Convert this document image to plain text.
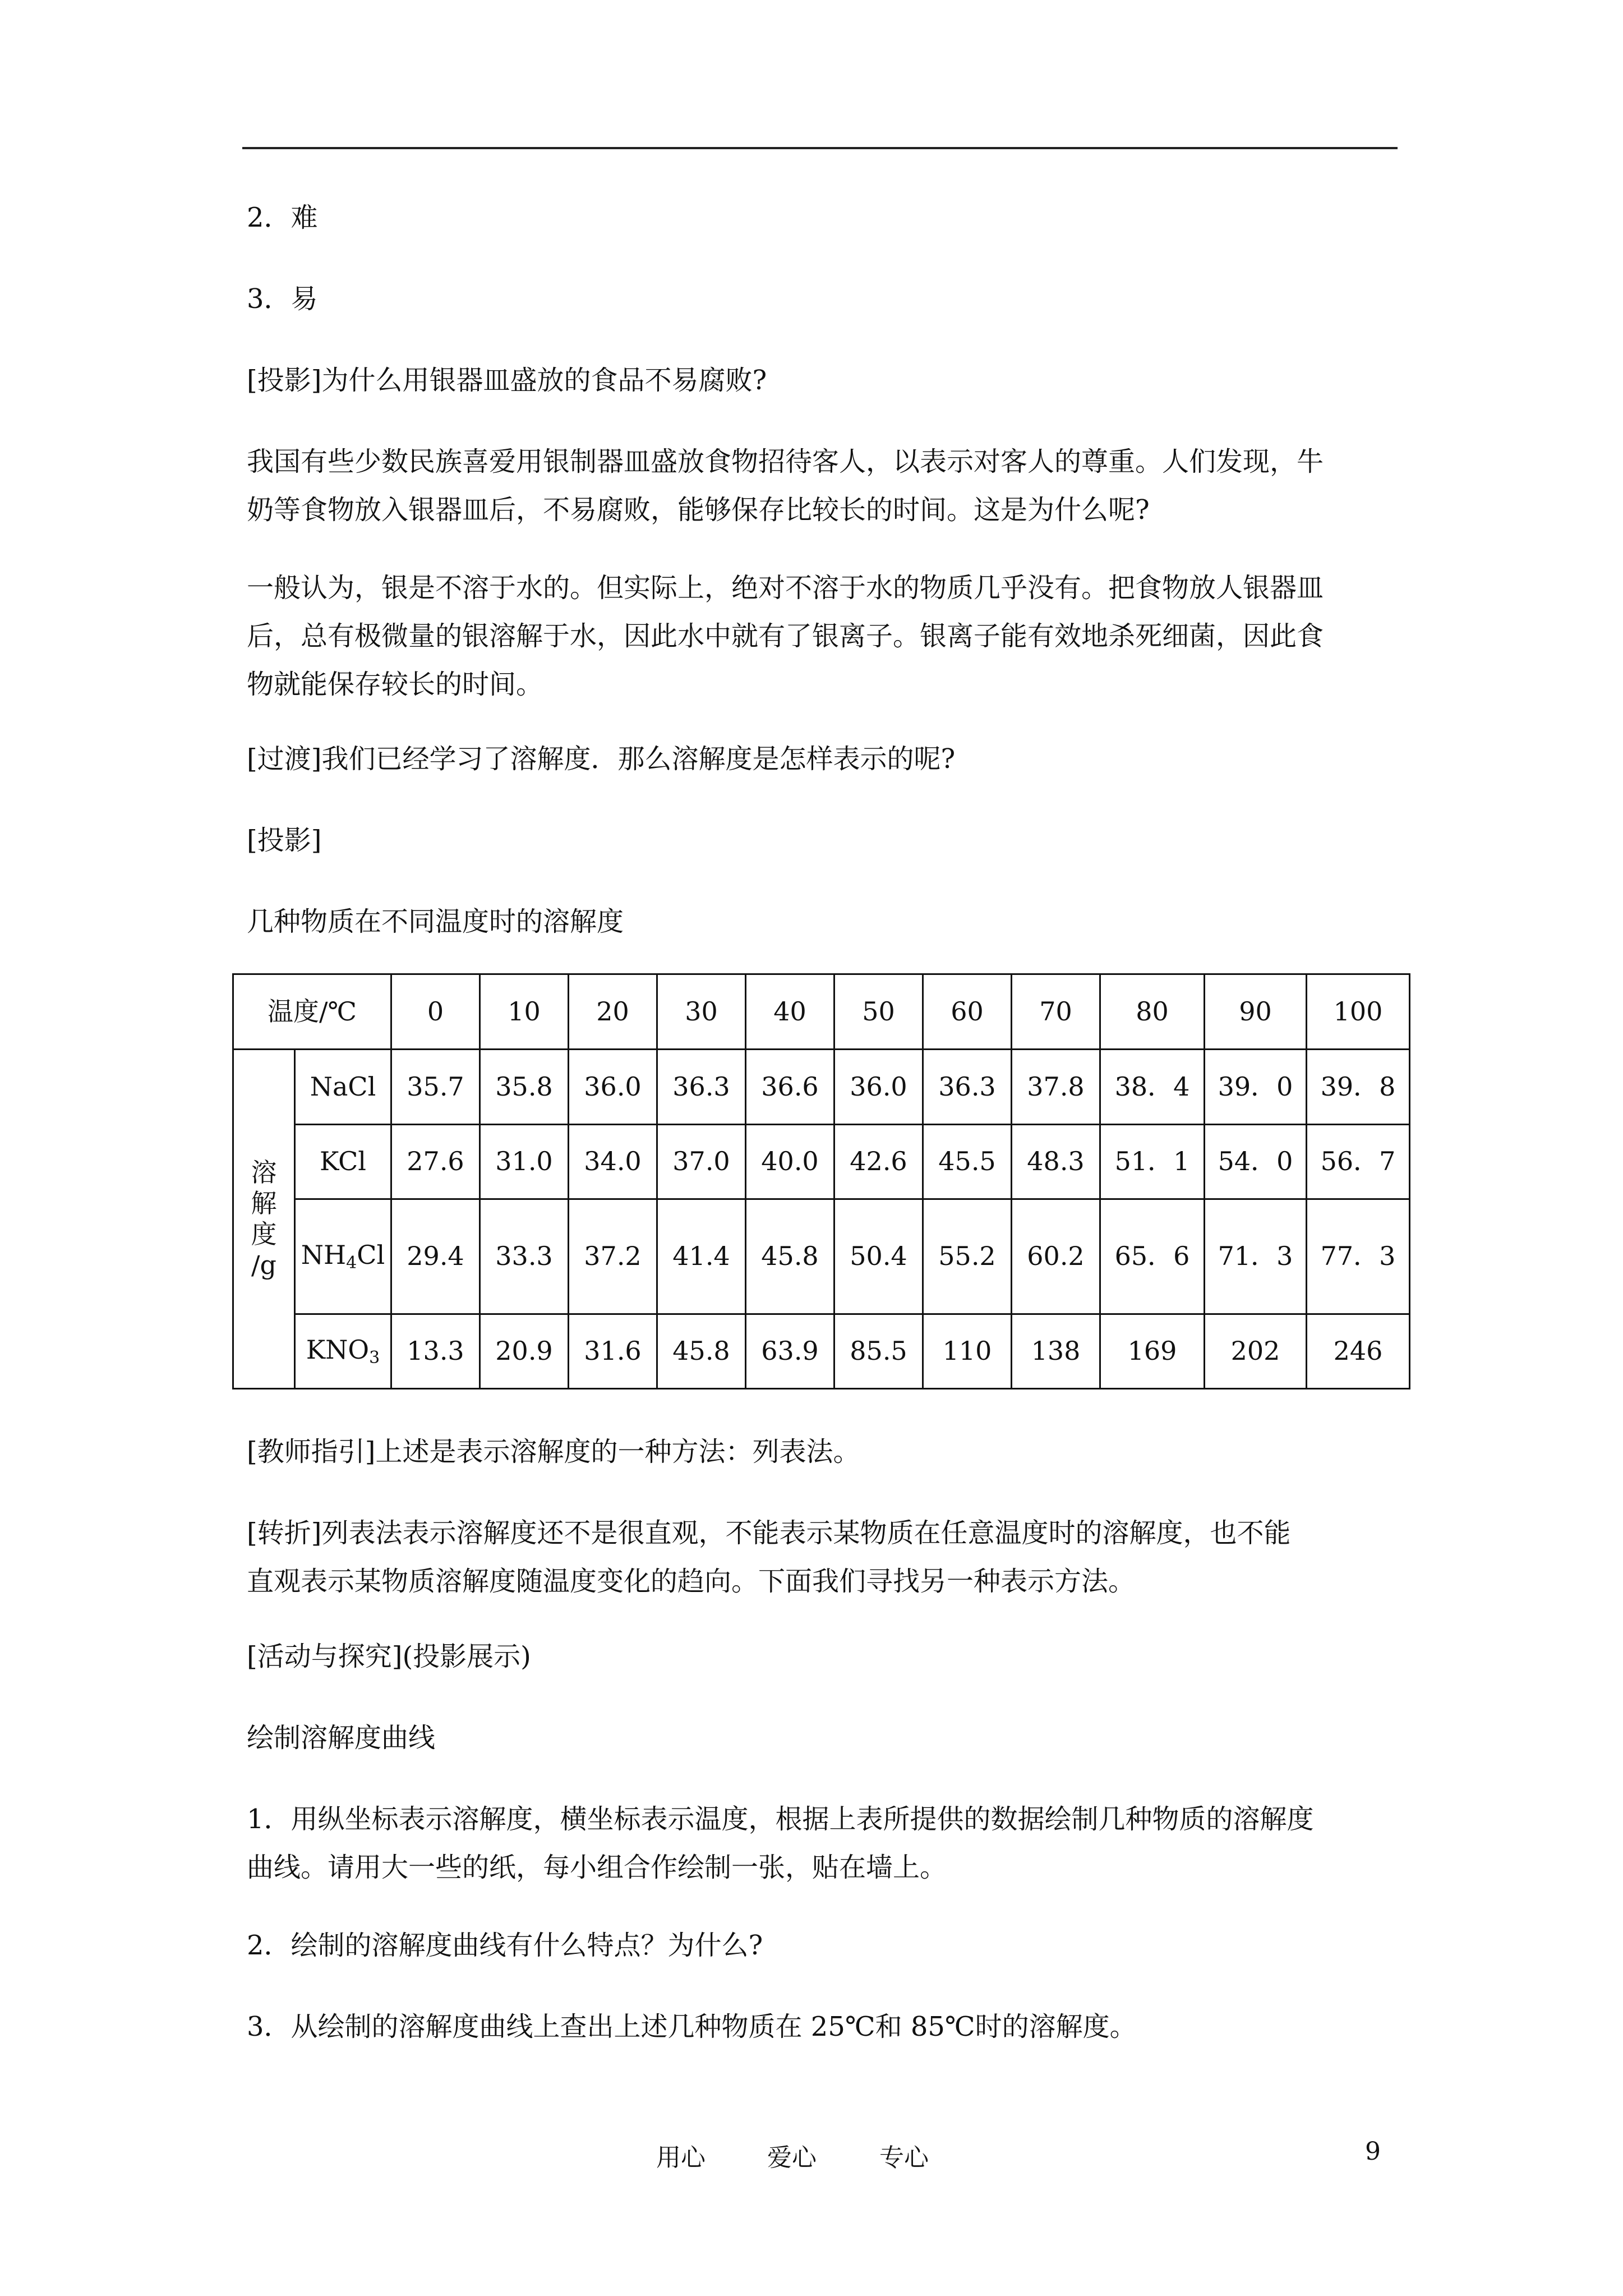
2．难

3．易

[投影]为什么用银器皿盛放的食品不易腐败?

我国有些少数民族喜爱用银制器皿盛放食物招待客人，以表示对客人的尊重。人们发现，牛
奶等食物放入银器皿后，不易腐败，能够保存比较长的时间。这是为什么呢?

一般认为，银是不溶于水的。但实际上，绝对不溶于水的物质几乎没有。把食物放人银器皿
后，总有极微量的银溶解于水，因此水中就有了银离子。银离子能有效地杀死细菌，因此食
物就能保存较长的时间。

[过渡]我们已经学习了溶解度．那么溶解度是怎样表示的呢?

[投影]

几种物质在不同温度时的溶解度

温度/℃		0	10	20	30	40	50	60	70	80	90	100
溶
解
度
/g	NaCl	35.7	35.8	36.0	36.3	36.6	36.0	36.3	37.8	38．4	39．0	39．8
	KCl	27.6	31.0	34.0	37.0	40.0	42.6	45.5	48.3	51．1	54．0	56．7
	$NH_4Cl$	29.4	33.3	37.2	41.4	45.8	50.4	55.2	60.2	65．6	71．3	77．3
	$KNO_3$	13.3	20.9	31.6	45.8	63.9	85.5	110	138	169	202	246

[教师指引]上述是表示溶解度的一种方法：列表法。

[转折]列表法表示溶解度还不是很直观，不能表示某物质在任意温度时的溶解度，也不能
直观表示某物质溶解度随温度变化的趋向。下面我们寻找另一种表示方法。

[活动与探究](投影展示)

绘制溶解度曲线

1．用纵坐标表示溶解度，横坐标表示温度，根据上表所提供的数据绘制几种物质的溶解度
曲线。请用大一些的纸，每小组合作绘制一张，贴在墙上。

2．绘制的溶解度曲线有什么特点？为什么?

3．从绘制的溶解度曲线上查出上述几种物质在 25℃和 85℃时的溶解度。

用心	爱心	专心	9
